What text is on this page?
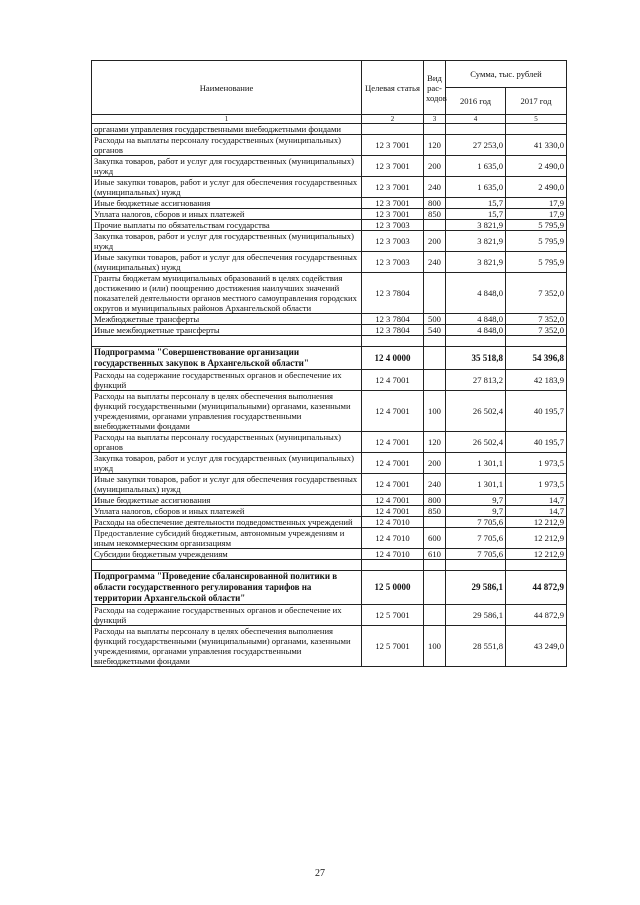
Наименование	Целевая статья	Вид рас-ходов	Сумма, тыс. рублей	
			2016 год	2017 год
1	2	3	4	5
органами управления государственными внебюджетными фондами				
Расходы на выплаты персоналу государственных (муниципальных) органов	12 3 7001	120	27 253,0	41 330,0
Закупка товаров, работ и услуг для государственных (муниципальных) нужд	12 3 7001	200	1 635,0	2 490,0
Иные закупки товаров, работ и услуг для обеспечения государственных (муниципальных) нужд	12 3 7001	240	1 635,0	2 490,0
Иные бюджетные ассигнования	12 3 7001	800	15,7	17,9
Уплата налогов, сборов и иных платежей	12 3 7001	850	15,7	17,9
Прочие выплаты по обязательствам государства	12 3 7003		3 821,9	5 795,9
Закупка товаров, работ и услуг для государственных (муниципальных) нужд	12 3 7003	200	3 821,9	5 795,9
Иные закупки товаров, работ и услуг для обеспечения государственных (муниципальных) нужд	12 3 7003	240	3 821,9	5 795,9
Гранты бюджетам муниципальных образований в целях содействия достижению и (или) поощрению достижения наилучших значений показателей деятельности органов местного самоуправления городских округов и муниципальных районов Архангельской области	12 3 7804		4 848,0	7 352,0
Межбюджетные трансферты	12 3 7804	500	4 848,0	7 352,0
Иные межбюджетные трансферты	12 3 7804	540	4 848,0	7 352,0

Подпрограмма "Совершенствование организации государственных закупок в Архангельской области"	12 4 0000		35 518,8	54 396,8
Расходы на содержание государственных органов и обеспечение их функций	12 4 7001		27 813,2	42 183,9
Расходы на выплаты персоналу в целях обеспечения выполнения функций государственными (муниципальными) органами, казенными учреждениями, органами управления государственными внебюджетными фондами	12 4 7001	100	26 502,4	40 195,7
Расходы на выплаты персоналу государственных (муниципальных) органов	12 4 7001	120	26 502,4	40 195,7
Закупка товаров, работ и услуг для государственных (муниципальных) нужд	12 4 7001	200	1 301,1	1 973,5
Иные закупки товаров, работ и услуг для обеспечения государственных (муниципальных) нужд	12 4 7001	240	1 301,1	1 973,5
Иные бюджетные ассигнования	12 4 7001	800	9,7	14,7
Уплата налогов, сборов и иных платежей	12 4 7001	850	9,7	14,7
Расходы на обеспечение деятельности подведомственных учреждений	12 4 7010		7 705,6	12 212,9
Предоставление субсидий бюджетным, автономным учреждениям и иным некоммерческим организациям	12 4 7010	600	7 705,6	12 212,9
Субсидии бюджетным учреждениям	12 4 7010	610	7 705,6	12 212,9

Подпрограмма "Проведение сбалансированной политики в области государственного регулирования тарифов на территории Архангельской области"	12 5 0000		29 586,1	44 872,9
Расходы на содержание государственных органов и обеспечение их функций	12 5 7001		29 586,1	44 872,9
Расходы на выплаты персоналу в целях обеспечения выполнения функций государственными (муниципальными) органами, казенными учреждениями, органами управления государственными внебюджетными фондами	12 5 7001	100	28 551,8	43 249,0
27
